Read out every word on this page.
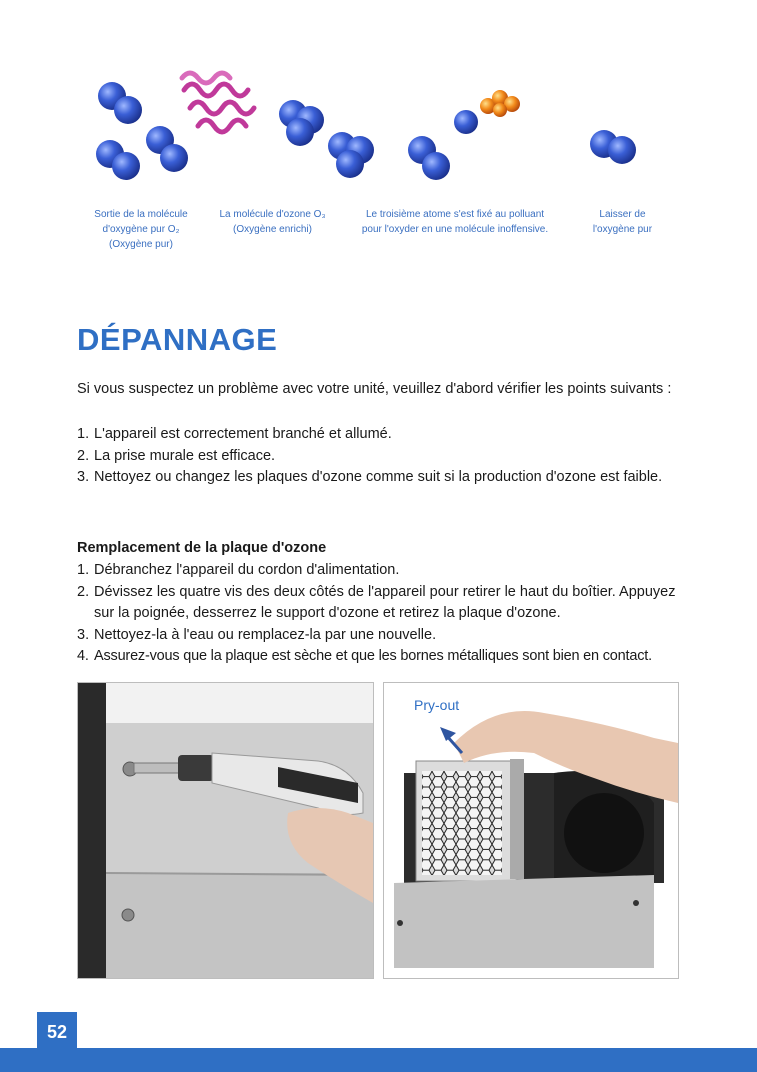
Sortie de la molécule
d'oxygène pur O₂
(Oxygène pur)
La molécule d'ozone O₃
(Oxygène enrichi)
Le troisième atome s'est fixé au polluant
pour l'oxyder en une molécule inoffensive.
Laisser de
l'oxygène pur
DÉPANNAGE

Si vous suspectez un problème avec votre unité, veuillez d'abord vérifier les points suivants :

1. L'appareil est correctement branché et allumé.
2. La prise murale est efficace.
3. Nettoyez ou changez les plaques d'ozone comme suit si la production d'ozone est faible.

Remplacement de la plaque d'ozone

1. Débranchez l'appareil du cordon d'alimentation.
2. Dévissez les quatre vis des deux côtés de l'appareil pour retirer le haut du boîtier. Appuyez sur la poignée, desserrez le support d'ozone et retirez la plaque d'ozone.
3. Nettoyez-la à l'eau ou remplacez-la par une nouvelle.
4. Assurez-vous que la plaque est sèche et que les bornes métalliques sont bien en contact.
Pry-out
52
